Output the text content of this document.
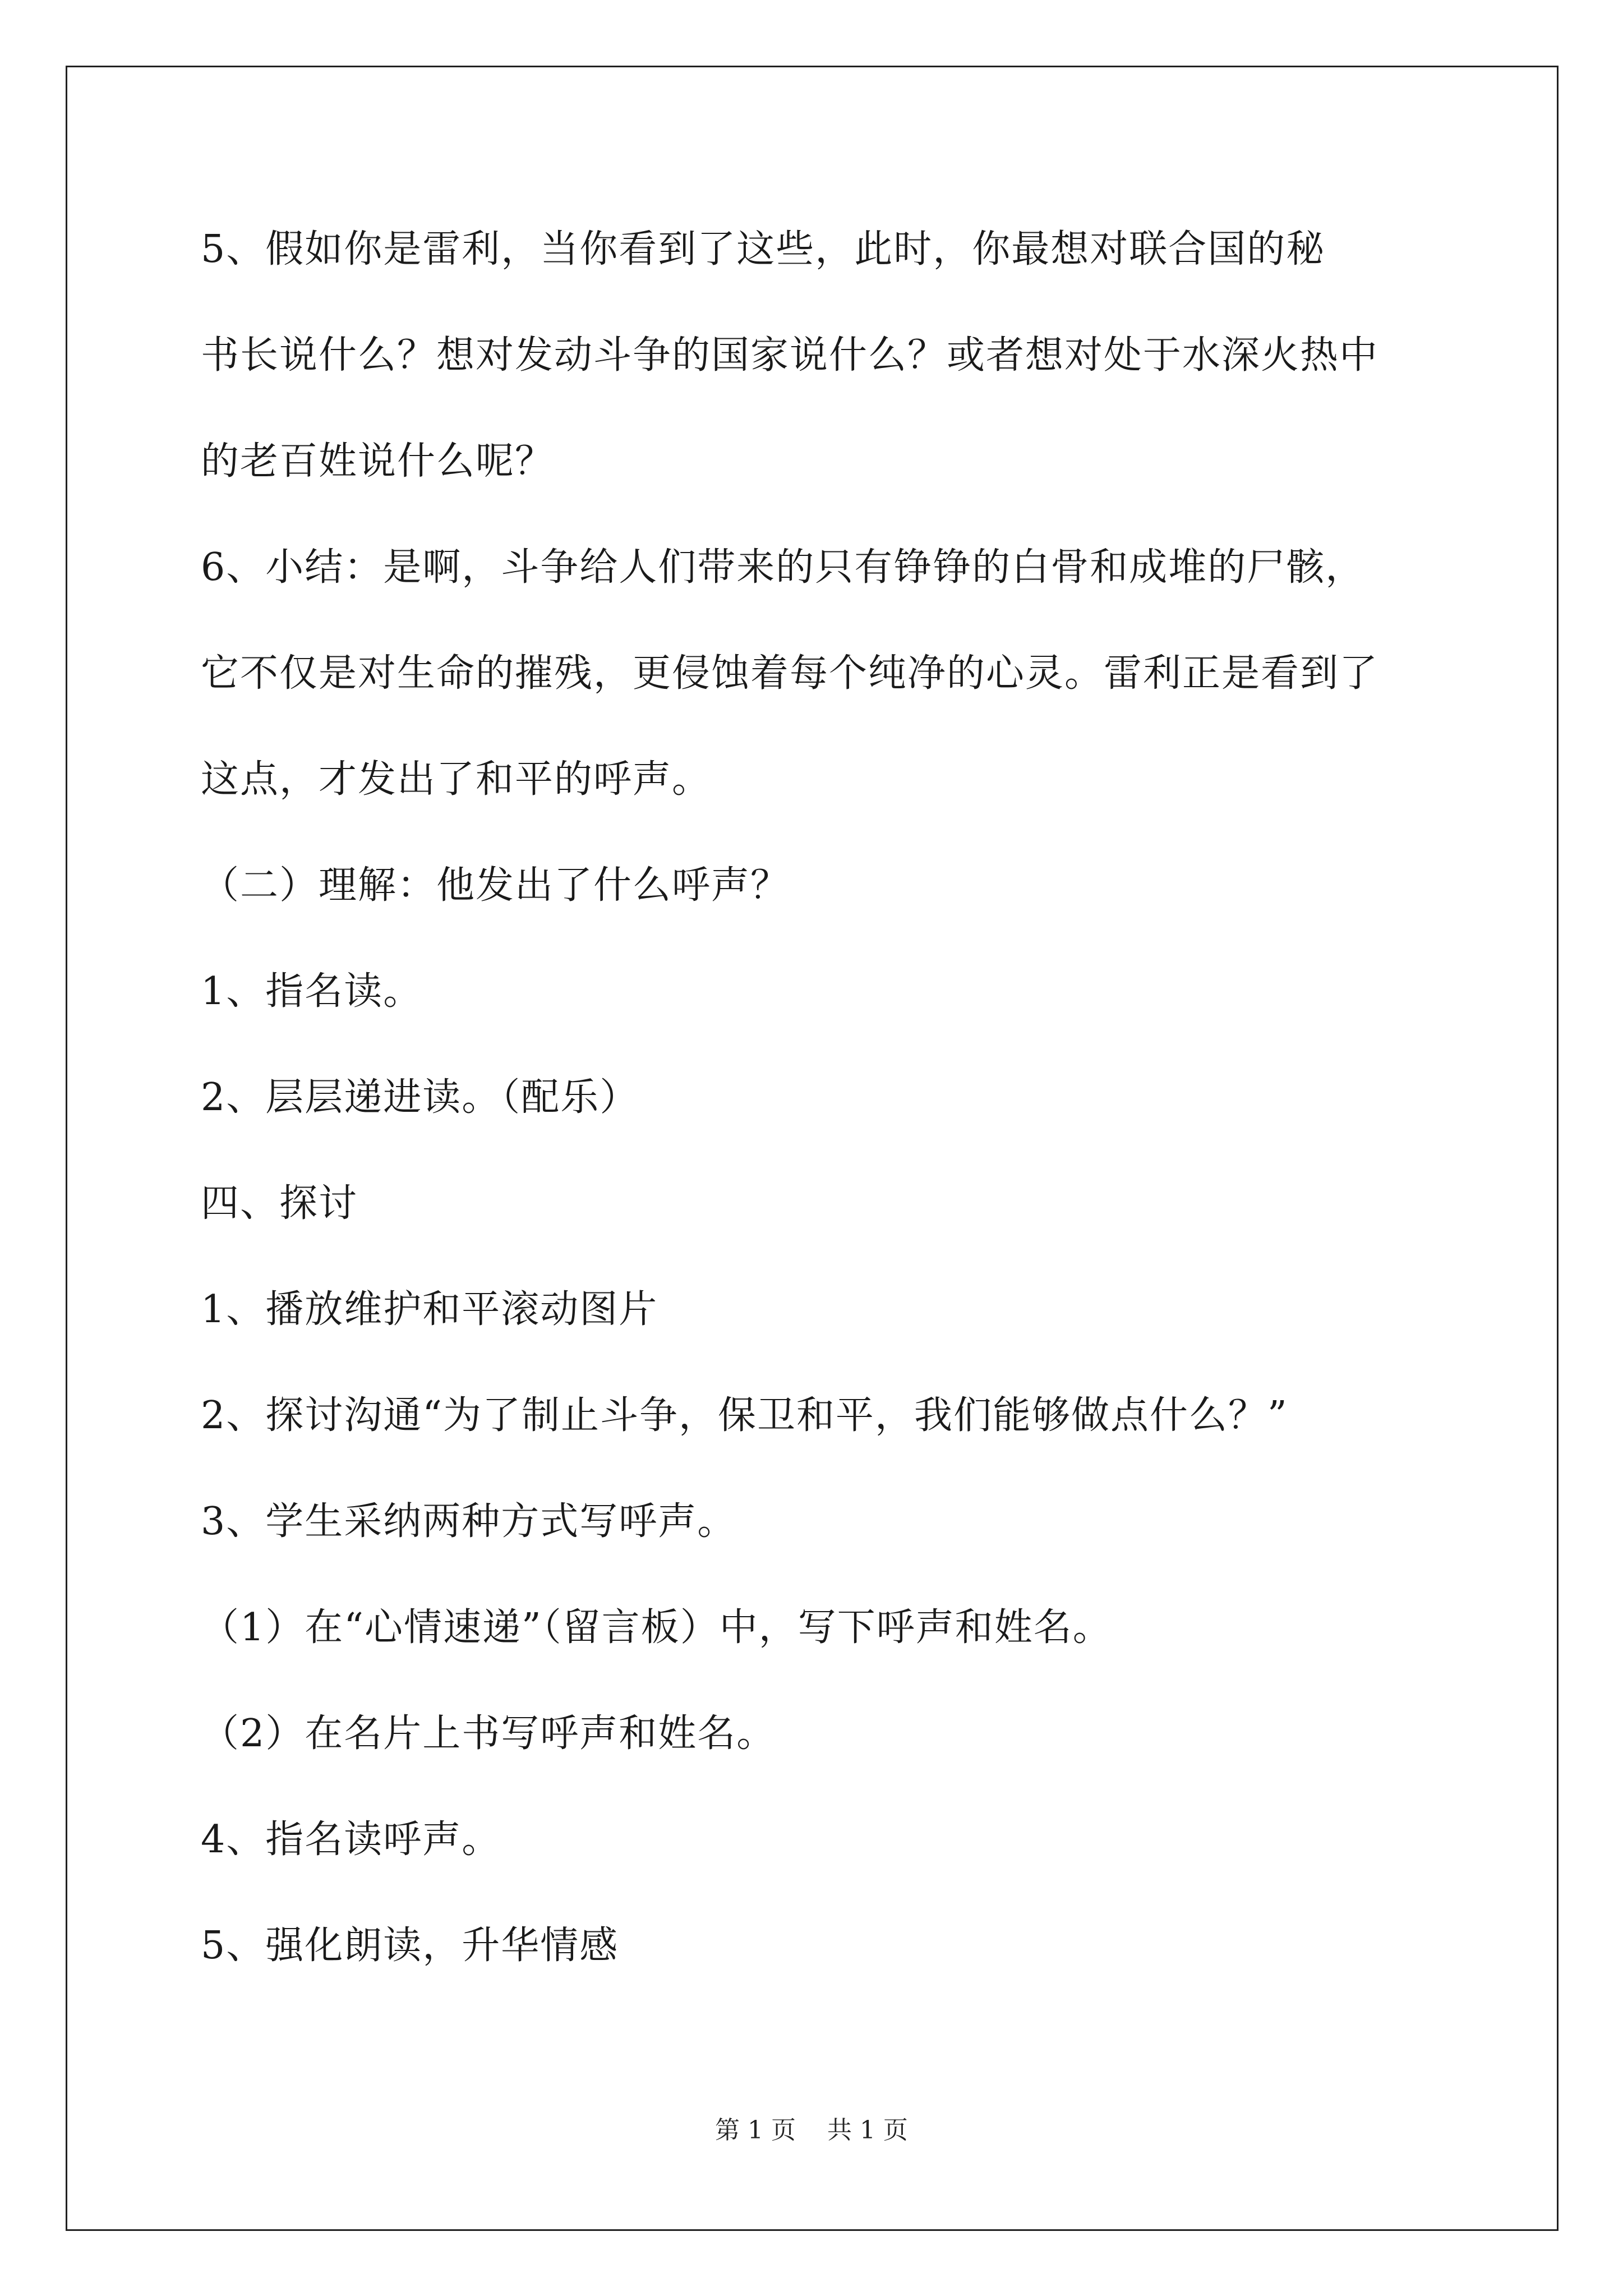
5、假如你是雷利，当你看到了这些，此时，你最想对联合国的秘
书长说什么？想对发动斗争的国家说什么？或者想对处于水深火热中
的老百姓说什么呢？
6、小结：是啊，斗争给人们带来的只有铮铮的白骨和成堆的尸骸，
它不仅是对生命的摧残，更侵蚀着每个纯净的心灵。雷利正是看到了
这点，才发出了和平的呼声。
（二）理解：他发出了什么呼声？
1、指名读。
2、层层递进读。（配乐）
四、探讨
1、播放维护和平滚动图片
2、探讨沟通“为了制止斗争，保卫和平，我们能够做点什么？”
3、学生采纳两种方式写呼声。
（1）在“心情速递”（留言板）中，写下呼声和姓名。
（2）在名片上书写呼声和姓名。
4、指名读呼声。
5、强化朗读，升华情感
第 1 页    共 1 页
